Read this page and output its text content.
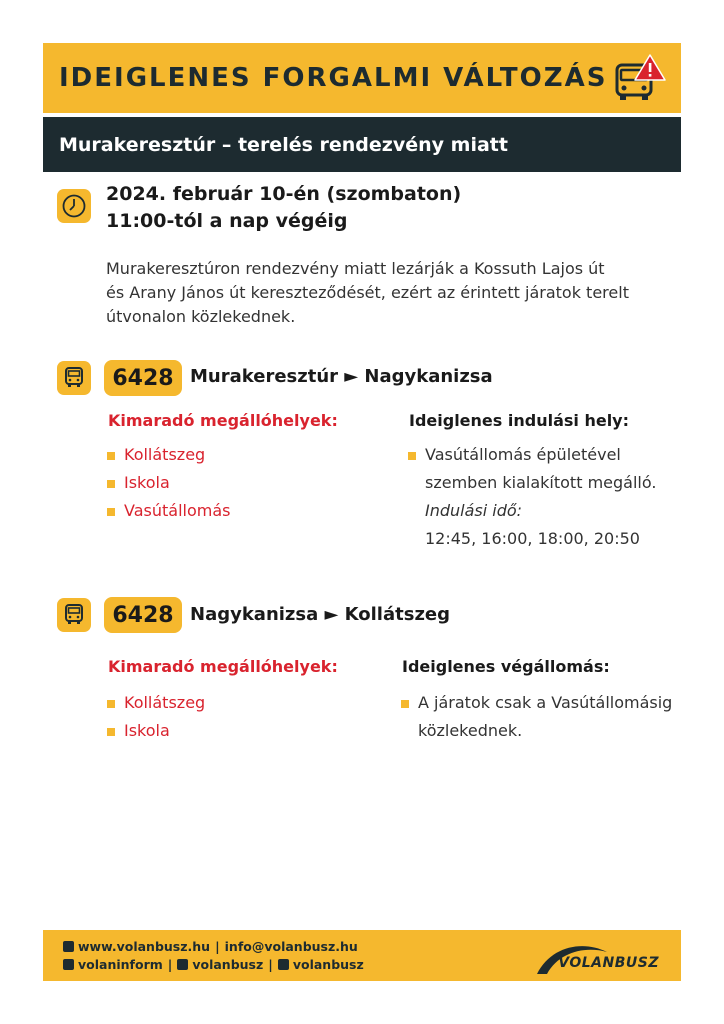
IDEIGLENES FORGALMI VÁLTOZÁS
Murakeresztúr – terelés rendezvény miatt
2024. február 10-én (szombaton)
11:00-tól a nap végéig
Murakeresztúron rendezvény miatt lezárják a Kossuth Lajos út
és Arany János út kereszteződését, ezért az érintett járatok terelt
útvonalon közlekednek.
6428 Murakeresztúr ► Nagykanizsa
Kimaradó megállóhelyek:
Kollátszeg
Iskola
Vasútállomás
Ideiglenes indulási hely:
Vasútállomás épületével
szemben kialakított megálló.
Indulási idő:
12:45, 16:00, 18:00, 20:50
6428 Nagykanizsa ► Kollátszeg
Kimaradó megállóhelyek:
Kollátszeg
Iskola
Ideiglenes végállomás:
A járatok csak a Vasútállomásig
közlekednek.
www.volanbusz.hu | info@volanbusz.hu
volaninform | volanbusz | volanbusz	VOLANBUSZ
